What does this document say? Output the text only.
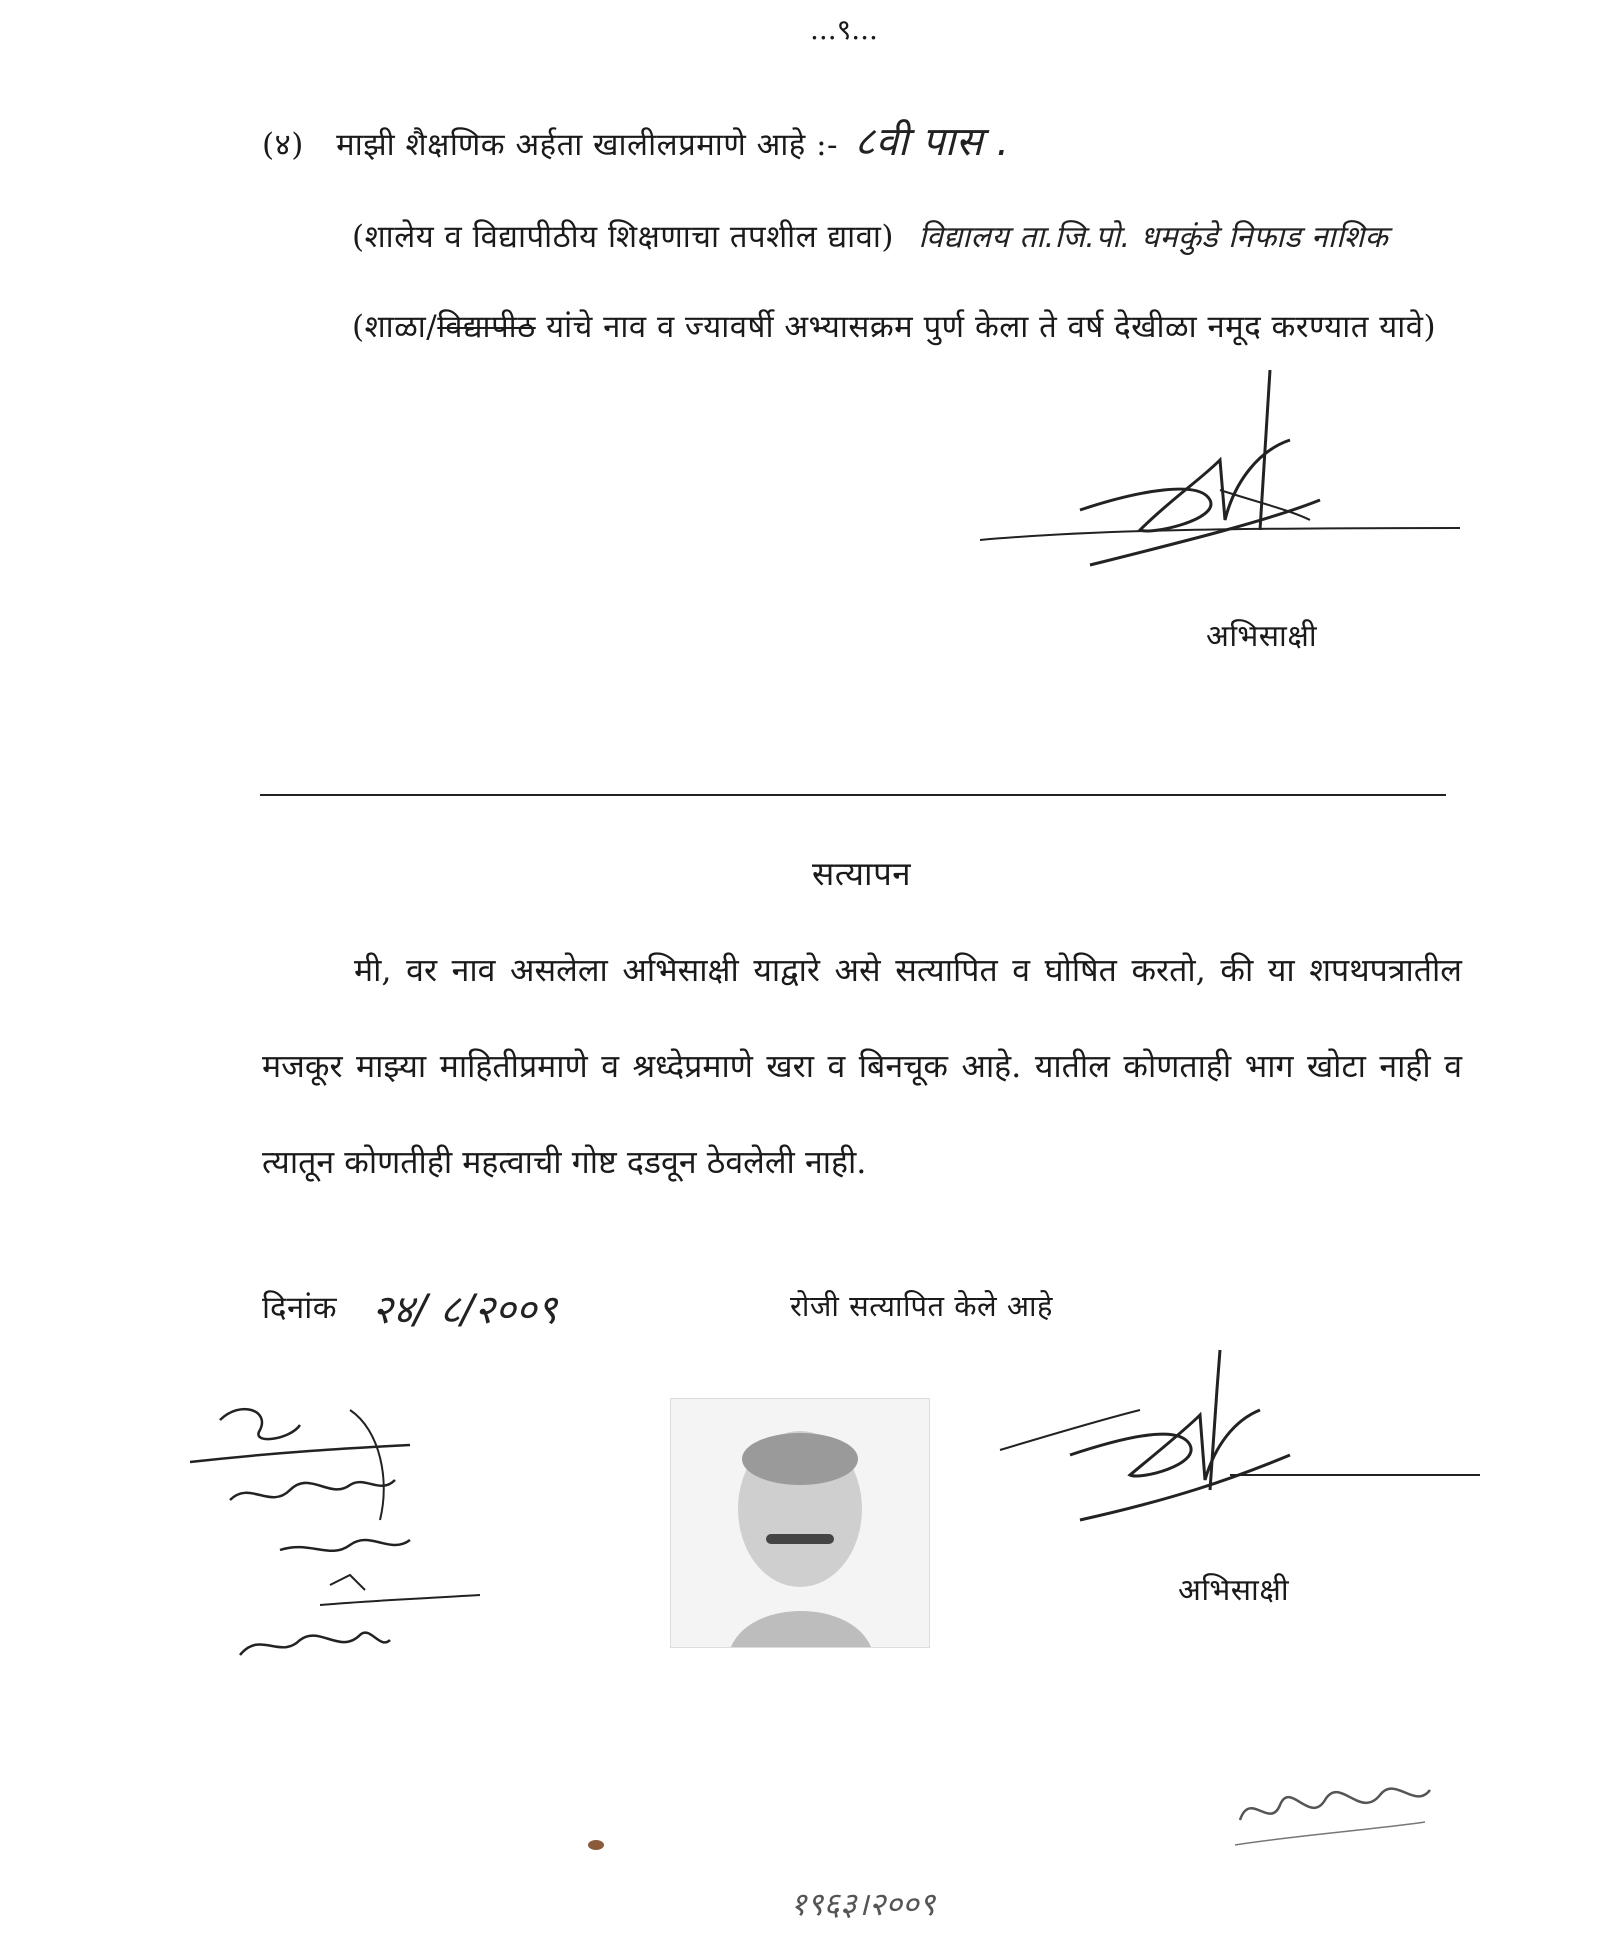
...९...
(४) माझी शैक्षणिक अर्हता खालीलप्रमाणे आहे :- ८वी पास .
(शालेय व विद्यापीठीय शिक्षणाचा तपशील द्यावा) विद्यालय ता.जि.पो. धमकुंडे निफाड नाशिक
(शाळा/विद्यापीठ यांचे नाव व ज्यावर्षी अभ्यासक्रम पुर्ण केला ते वर्ष देखीळा नमूद करण्यात यावे)
अभिसाक्षी
सत्यापन
मी, वर नाव असलेला अभिसाक्षी याद्वारे असे सत्यापित व घोषित करतो, की या शपथपत्रातील
मजकूर माझ्या माहितीप्रमाणे व श्रध्देप्रमाणे खरा व बिनचूक आहे. यातील कोणताही भाग खोटा नाही व
त्यातून कोणतीही महत्वाची गोष्ट दडवून ठेवलेली नाही.
दिनांक २४/ ८/२००९	रोजी सत्यापित केले आहे
अभिसाक्षी
१९६३।२००९
